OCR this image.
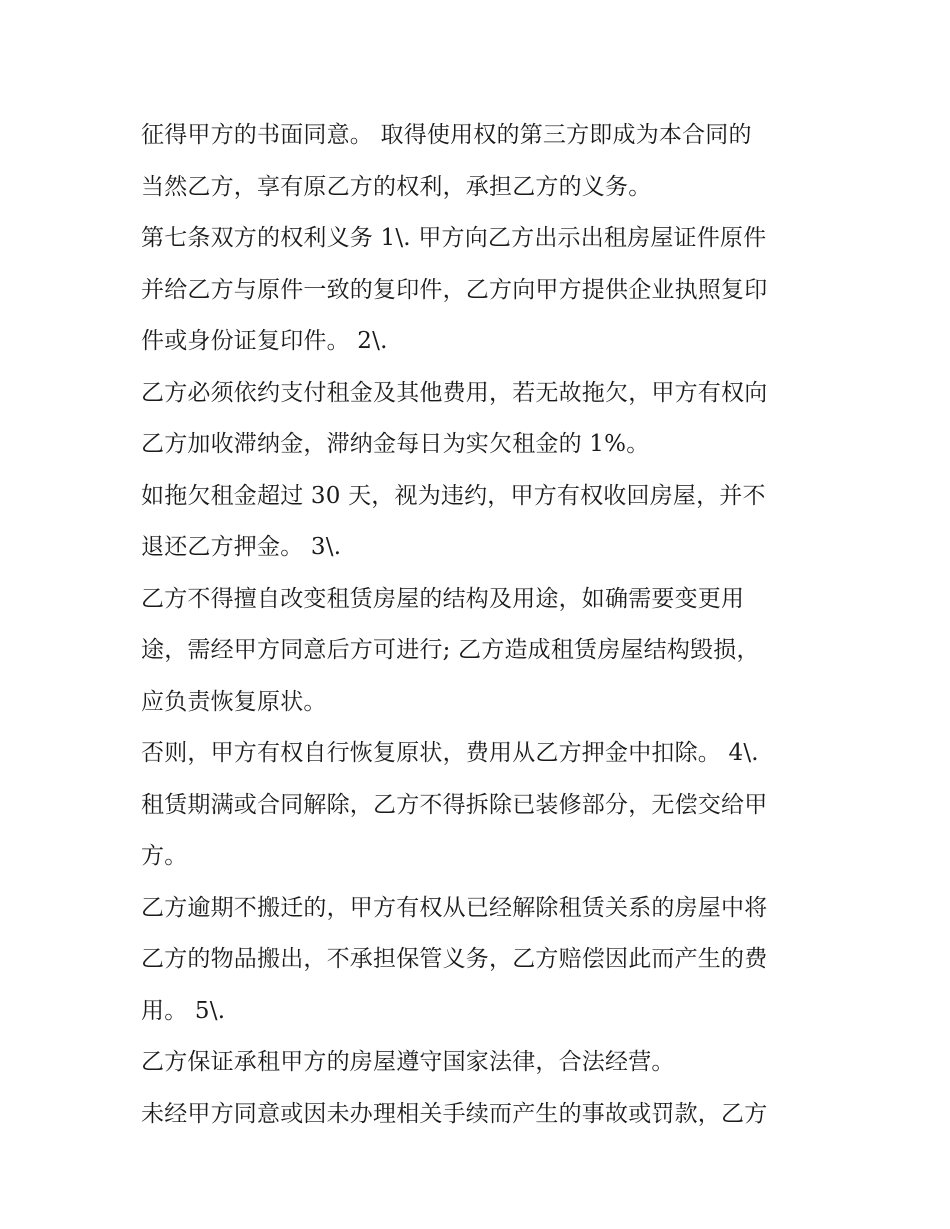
征得甲方的书面同意。 取得使用权的第三方即成为本合同的
当然乙方，享有原乙方的权利，承担乙方的义务。
第七条双方的权利义务 1\. 甲方向乙方出示出租房屋证件原件
并给乙方与原件一致的复印件，乙方向甲方提供企业执照复印
件或身份证复印件。 2\.
乙方必须依约支付租金及其他费用，若无故拖欠，甲方有权向
乙方加收滞纳金，滞纳金每日为实欠租金的 1%。
如拖欠租金超过 30 天，视为违约，甲方有权收回房屋，并不
退还乙方押金。 3\.
乙方不得擅自改变租赁房屋的结构及用途，如确需要变更用
途，需经甲方同意后方可进行; 乙方造成租赁房屋结构毁损，
应负责恢复原状。
否则，甲方有权自行恢复原状，费用从乙方押金中扣除。 4\.
租赁期满或合同解除，乙方不得拆除已装修部分，无偿交给甲
方。
乙方逾期不搬迁的，甲方有权从已经解除租赁关系的房屋中将
乙方的物品搬出，不承担保管义务，乙方赔偿因此而产生的费
用。 5\.
乙方保证承租甲方的房屋遵守国家法律，合法经营。
未经甲方同意或因未办理相关手续而产生的事故或罚款，乙方
